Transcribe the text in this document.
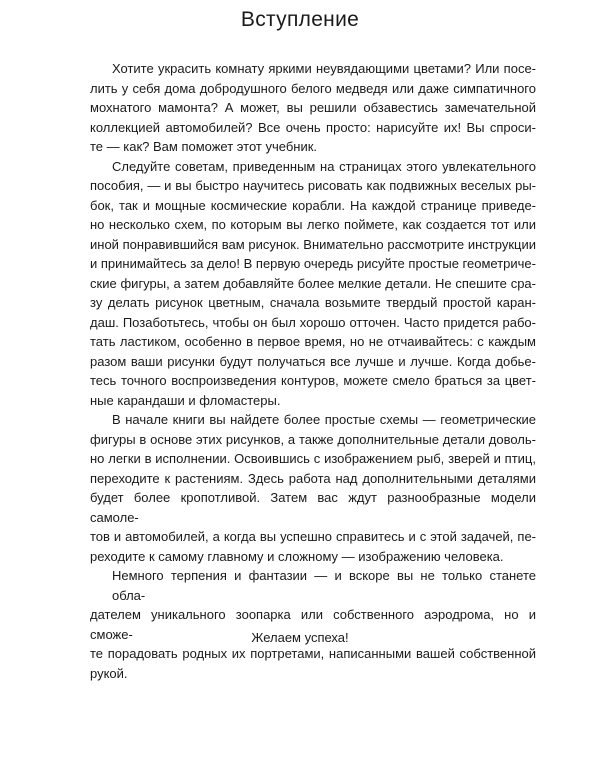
Вступление
Хотите украсить комнату яркими неувядающими цветами? Или посе-
лить у себя дома добродушного белого медведя или даже симпатичного
мохнатого мамонта? А может, вы решили обзавестись замечательной
коллекцией автомобилей? Все очень просто: нарисуйте их! Вы спроси-
те — как? Вам поможет этот учебник.
Следуйте советам, приведенным на страницах этого увлекательного
пособия, — и вы быстро научитесь рисовать как подвижных веселых ры-
бок, так и мощные космические корабли. На каждой странице приведе-
но несколько схем, по которым вы легко поймете, как создается тот или
иной понравившийся вам рисунок. Внимательно рассмотрите инструкции
и принимайтесь за дело! В первую очередь рисуйте простые геометриче-
ские фигуры, а затем добавляйте более мелкие детали. Не спешите сра-
зу делать рисунок цветным, сначала возьмите твердый простой каран-
даш. Позаботьтесь, чтобы он был хорошо отточен. Часто придется рабо-
тать ластиком, особенно в первое время, но не отчаивайтесь: с каждым
разом ваши рисунки будут получаться все лучше и лучше. Когда добье-
тесь точного воспроизведения контуров, можете смело браться за цвет-
ные карандаши и фломастеры.
В начале книги вы найдете более простые схемы — геометрические
фигуры в основе этих рисунков, а также дополнительные детали доволь-
но легки в исполнении. Освоившись с изображением рыб, зверей и птиц,
переходите к растениям. Здесь работа над дополнительными деталями
будет более кропотливой. Затем вас ждут разнообразные модели самоле-
тов и автомобилей, а когда вы успешно справитесь и с этой задачей, пе-
реходите к самому главному и сложному — изображению человека.
Немного терпения и фантазии — и вскоре вы не только станете обла-
дателем уникального зоопарка или собственного аэродрома, но и сможе-
те порадовать родных их портретами, написанными вашей собственной
рукой.
Желаем успеха!
